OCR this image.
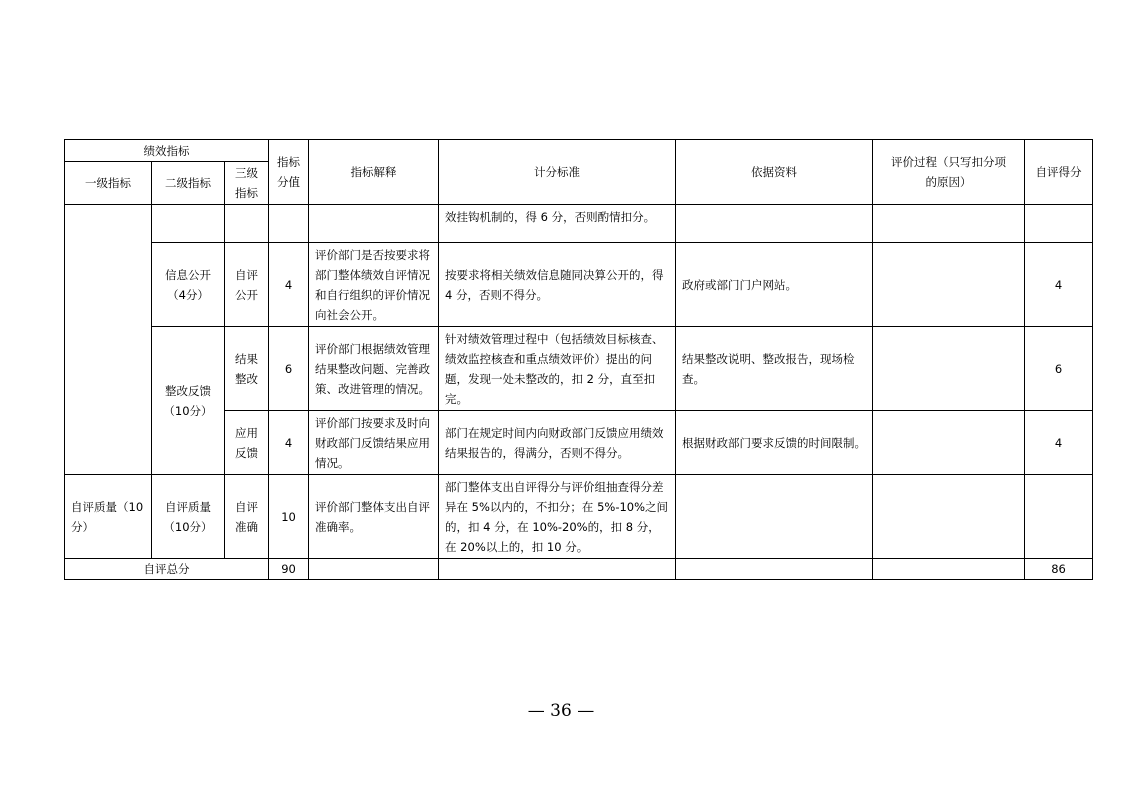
绩效指标			指标分值	指标解释	计分标准	依据资料	评价过程（只写扣分项的原因）	自评得分
一级指标	二级指标	三级指标						

					效挂钩机制的，得 6 分，否则酌情扣分。			

	信息公开（4分）	自评公开	4	评价部门是否按要求将部门整体绩效自评情况和自行组织的评价情况向社会公开。	按要求将相关绩效信息随同决算公开的，得 4 分，否则不得分。	政府或部门门户网站。		4

	整改反馈（10分）	结果整改	6	评价部门根据绩效管理结果整改问题、完善政策、改进管理的情况。	针对绩效管理过程中（包括绩效目标核查、绩效监控核查和重点绩效评价）提出的问题，发现一处未整改的，扣 2 分，直至扣完。	结果整改说明、整改报告，现场检查。		6

		应用反馈	4	评价部门按要求及时向财政部门反馈结果应用情况。	部门在规定时间内向财政部门反馈应用绩效结果报告的，得满分，否则不得分。	根据财政部门要求反馈的时间限制。		4
自评质量（10分）	自评质量（10分）	自评准确	10	评价部门整体支出自评准确率。	部门整体支出自评得分与评价组抽查得分差异在 5%以内的，不扣分；在 5%-10%之间的，扣 4 分，在 10%-20%的，扣 8 分，在 20%以上的，扣 10 分。			
自评总分			90					86
— 36 —
